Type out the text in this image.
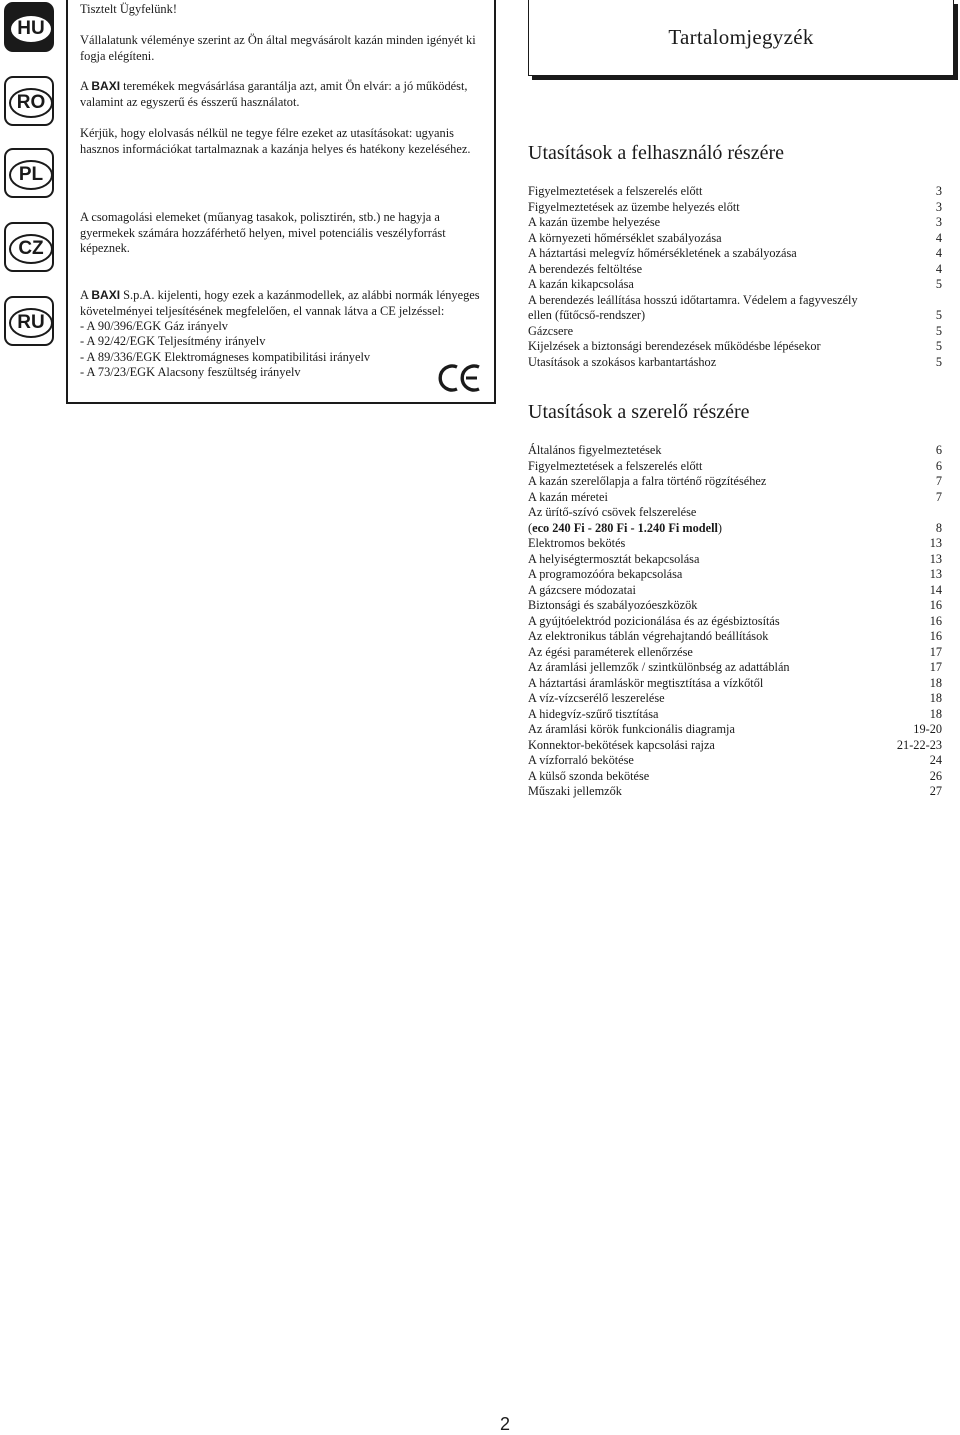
HU
RO
PL
CZ
RU

Tisztelt Ügyfelünk!

Vállalatunk véleménye szerint az Ön által megvásárolt kazán minden igényét ki fogja elégíteni.

A BAXI teremékek megvásárlása garantálja azt, amit Ön elvár: a jó működést, valamint az egyszerű és ésszerű használatot.

Kérjük, hogy elolvasás nélkül ne tegye félre ezeket az utasításokat: ugyanis hasznos információkat tartalmaznak a kazánja helyes és hatékony kezeléséhez.

A csomagolási elemeket (műanyag tasakok, polisztirén, stb.) ne hagyja a gyermekek számára hozzáférhető helyen, mivel potenciális veszélyforrást képeznek.

A BAXI S.p.A. kijelenti, hogy ezek a kazánmodellek, az alábbi normák lényeges követelményei teljesítésének megfelelően, el vannak látva a CE jelzéssel:

- A 90/396/EGK Gáz irányelv

- A 92/42/EGK Teljesítmény irányelv

- A 89/336/EGK Elektromágneses kompatibilitási irányelv

- A 73/23/EGK Alacsony feszültség irányelv

Tartalomjegyzék
Utasítások a felhasználó részére
Figyelmeztetések a felszerelés előtt	3
Figyelmeztetések az üzembe helyezés előtt	3
A kazán üzembe helyezése	3
A környezeti hőmérséklet szabályozása	4
A háztartási melegvíz hőmérsékletének a szabályozása	4
A berendezés feltöltése	4
A kazán kikapcsolása	5
A berendezés leállítása hosszú időtartamra. Védelem a fagyveszély
ellen (fűtőcső-rendszer)	5
Gázcsere	5
Kijelzések a biztonsági berendezések működésbe lépésekor	5
Utasítások a szokásos karbantartáshoz	5
Utasítások a szerelő részére
Általános figyelmeztetések	6
Figyelmeztetések a felszerelés előtt	6
A kazán szerelőlapja a falra történő rögzítéséhez	7
A kazán méretei	7
Az ürítő-szívó csövek felszerelése
(eco 240 Fi - 280 Fi - 1.240 Fi modell)	8
Elektromos bekötés	13
A helyiségtermosztát bekapcsolása	13
A programozóóra bekapcsolása	13
A gázcsere módozatai	14
Biztonsági és szabályozóeszközök	16
A gyújtóelektród pozicionálása és az égésbiztosítás	16
Az elektronikus táblán végrehajtandó beállítások	16
Az égési paraméterek ellenőrzése	17
Az áramlási jellemzők / szintkülönbség az adattáblán	17
A háztartási áramláskör megtisztítása a vízkőtől	18
A víz-vízcserélő leszerelése	18
A hidegvíz-szűrő tisztítása	18
Az áramlási körök funkcionális diagramja	19-20
Konnektor-bekötések kapcsolási rajza	21-22-23
A vízforraló bekötése	24
A külső szonda bekötése	26
Műszaki jellemzők	27
2
